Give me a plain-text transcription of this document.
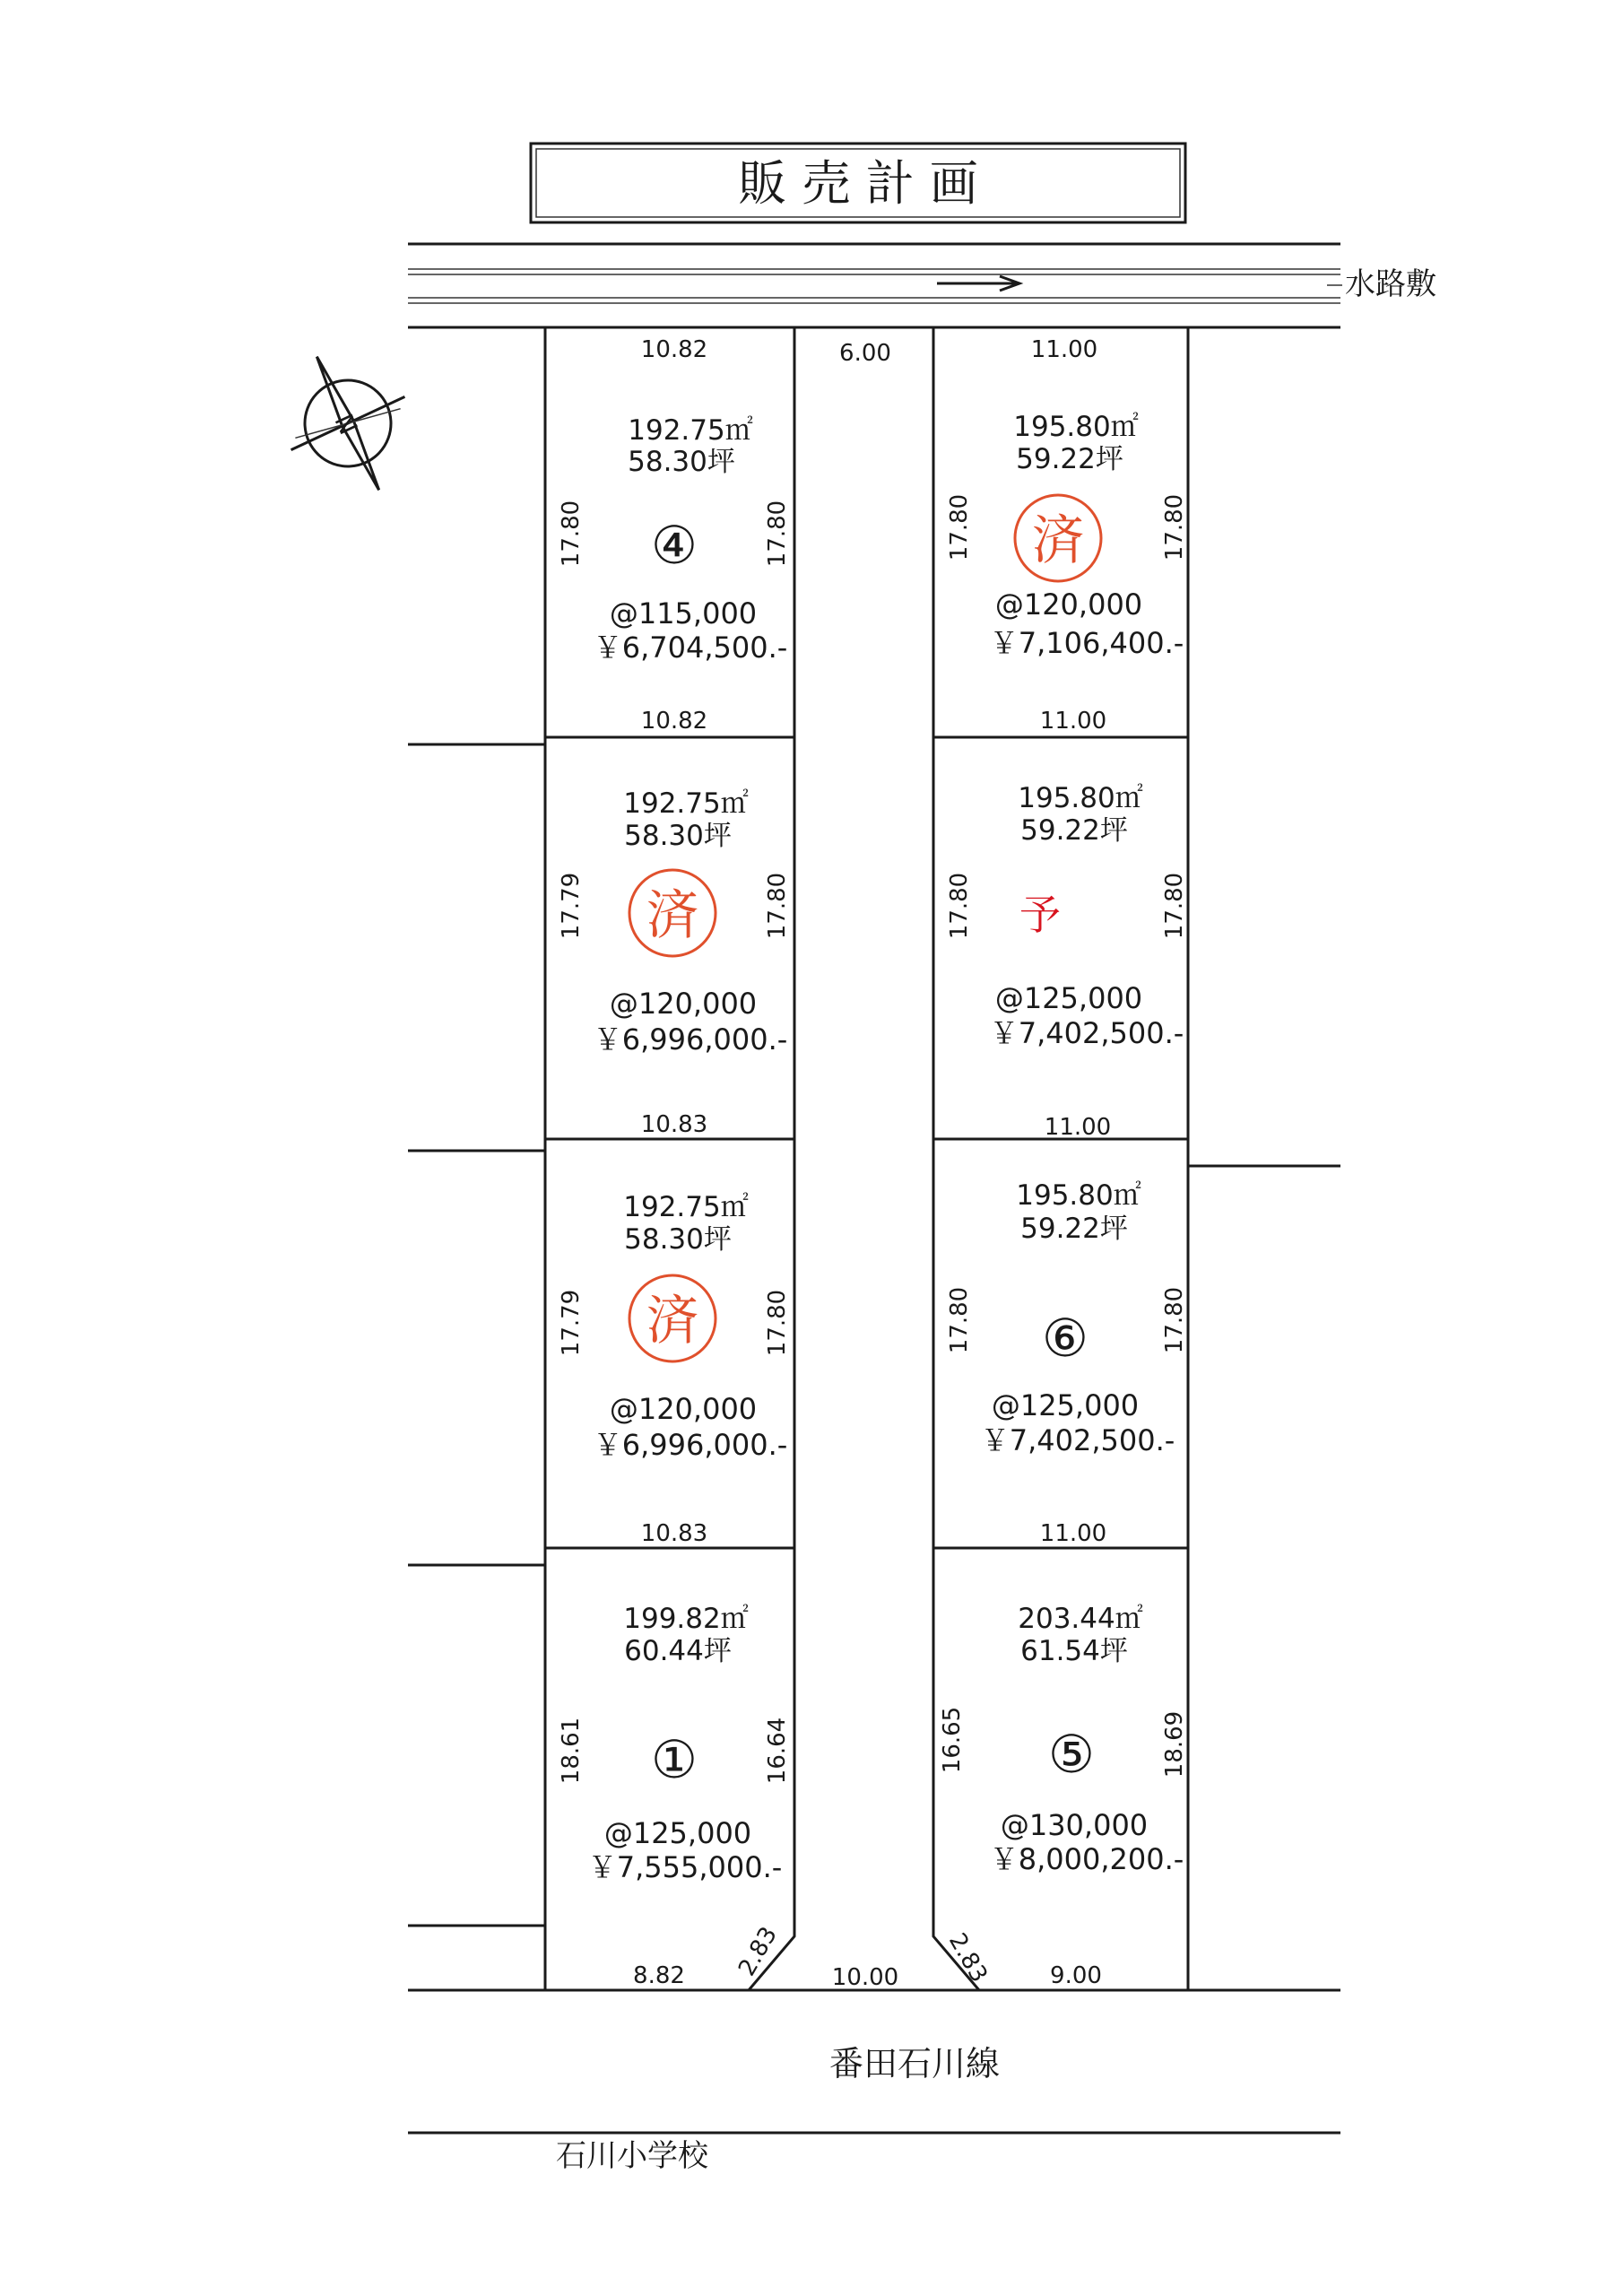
販 売 計 画
水路敷
N
番田石川線
石川小学校
6.00
10.00
2.83	2.83
10.82
10.82
17.80	17.80
192.75㎡
58.30坪
④
@115,000
￥6,704,500.-
10.83
17.79	17.80
192.75㎡
58.30坪
済
@120,000
￥6,996,000.-
10.83
17.79	17.80
192.75㎡
58.30坪
済
@120,000
￥6,996,000.-
8.82
18.61	16.64
199.82㎡
60.44坪
①
@125,000
￥7,555,000.-
11.00
11.00
17.80	17.80
195.80㎡
59.22坪
@120,000
済
￥7,106,400.-
11.00
17.80	17.80
195.80㎡
59.22坪
予
@125,000
￥7,402,500.-
11.00
17.80	17.80
195.80㎡
59.22坪
⑥
@125,000
￥7,402,500.-
9.00
16.65	18.69
203.44㎡
61.54坪
⑤
@130,000
￥8,000,200.-
